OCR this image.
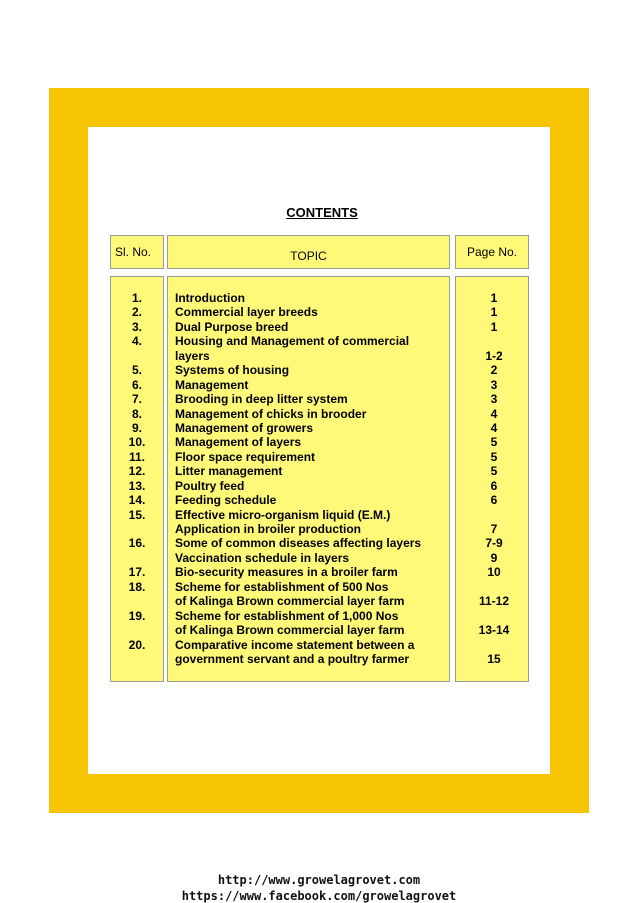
CONTENTS
Sl. No.	TOPIC	Page No.
1.
2.
3.
4.
5.
6.
7.
8.
9.
10.
11.
12.
13.
14.
15.
16.
17.
18.
19.
20.
Introduction
Commercial layer breeds
Dual Purpose breed
Housing and Management of commercial
layers
Systems of housing
Management
Brooding in deep litter system
Management of chicks in brooder
Management of growers
Management of layers
Floor space requirement
Litter management
Poultry feed
Feeding schedule
Effective micro-organism liquid (E.M.)
Application in broiler production
Some of common diseases affecting layers
Vaccination schedule in layers
Bio-security measures in a broiler farm
Scheme for establishment of 500 Nos
of Kalinga Brown commercial layer farm
Scheme for establishment of 1,000 Nos
of Kalinga Brown commercial layer farm
Comparative income statement between a
government servant and a poultry farmer
1
1
1
1-2
2
3
3
4
4
5
5
5
6
6
7
7-9
9
10
11-12
13-14
15
http://www.growelagrovet.com
https://www.facebook.com/growelagrovet
